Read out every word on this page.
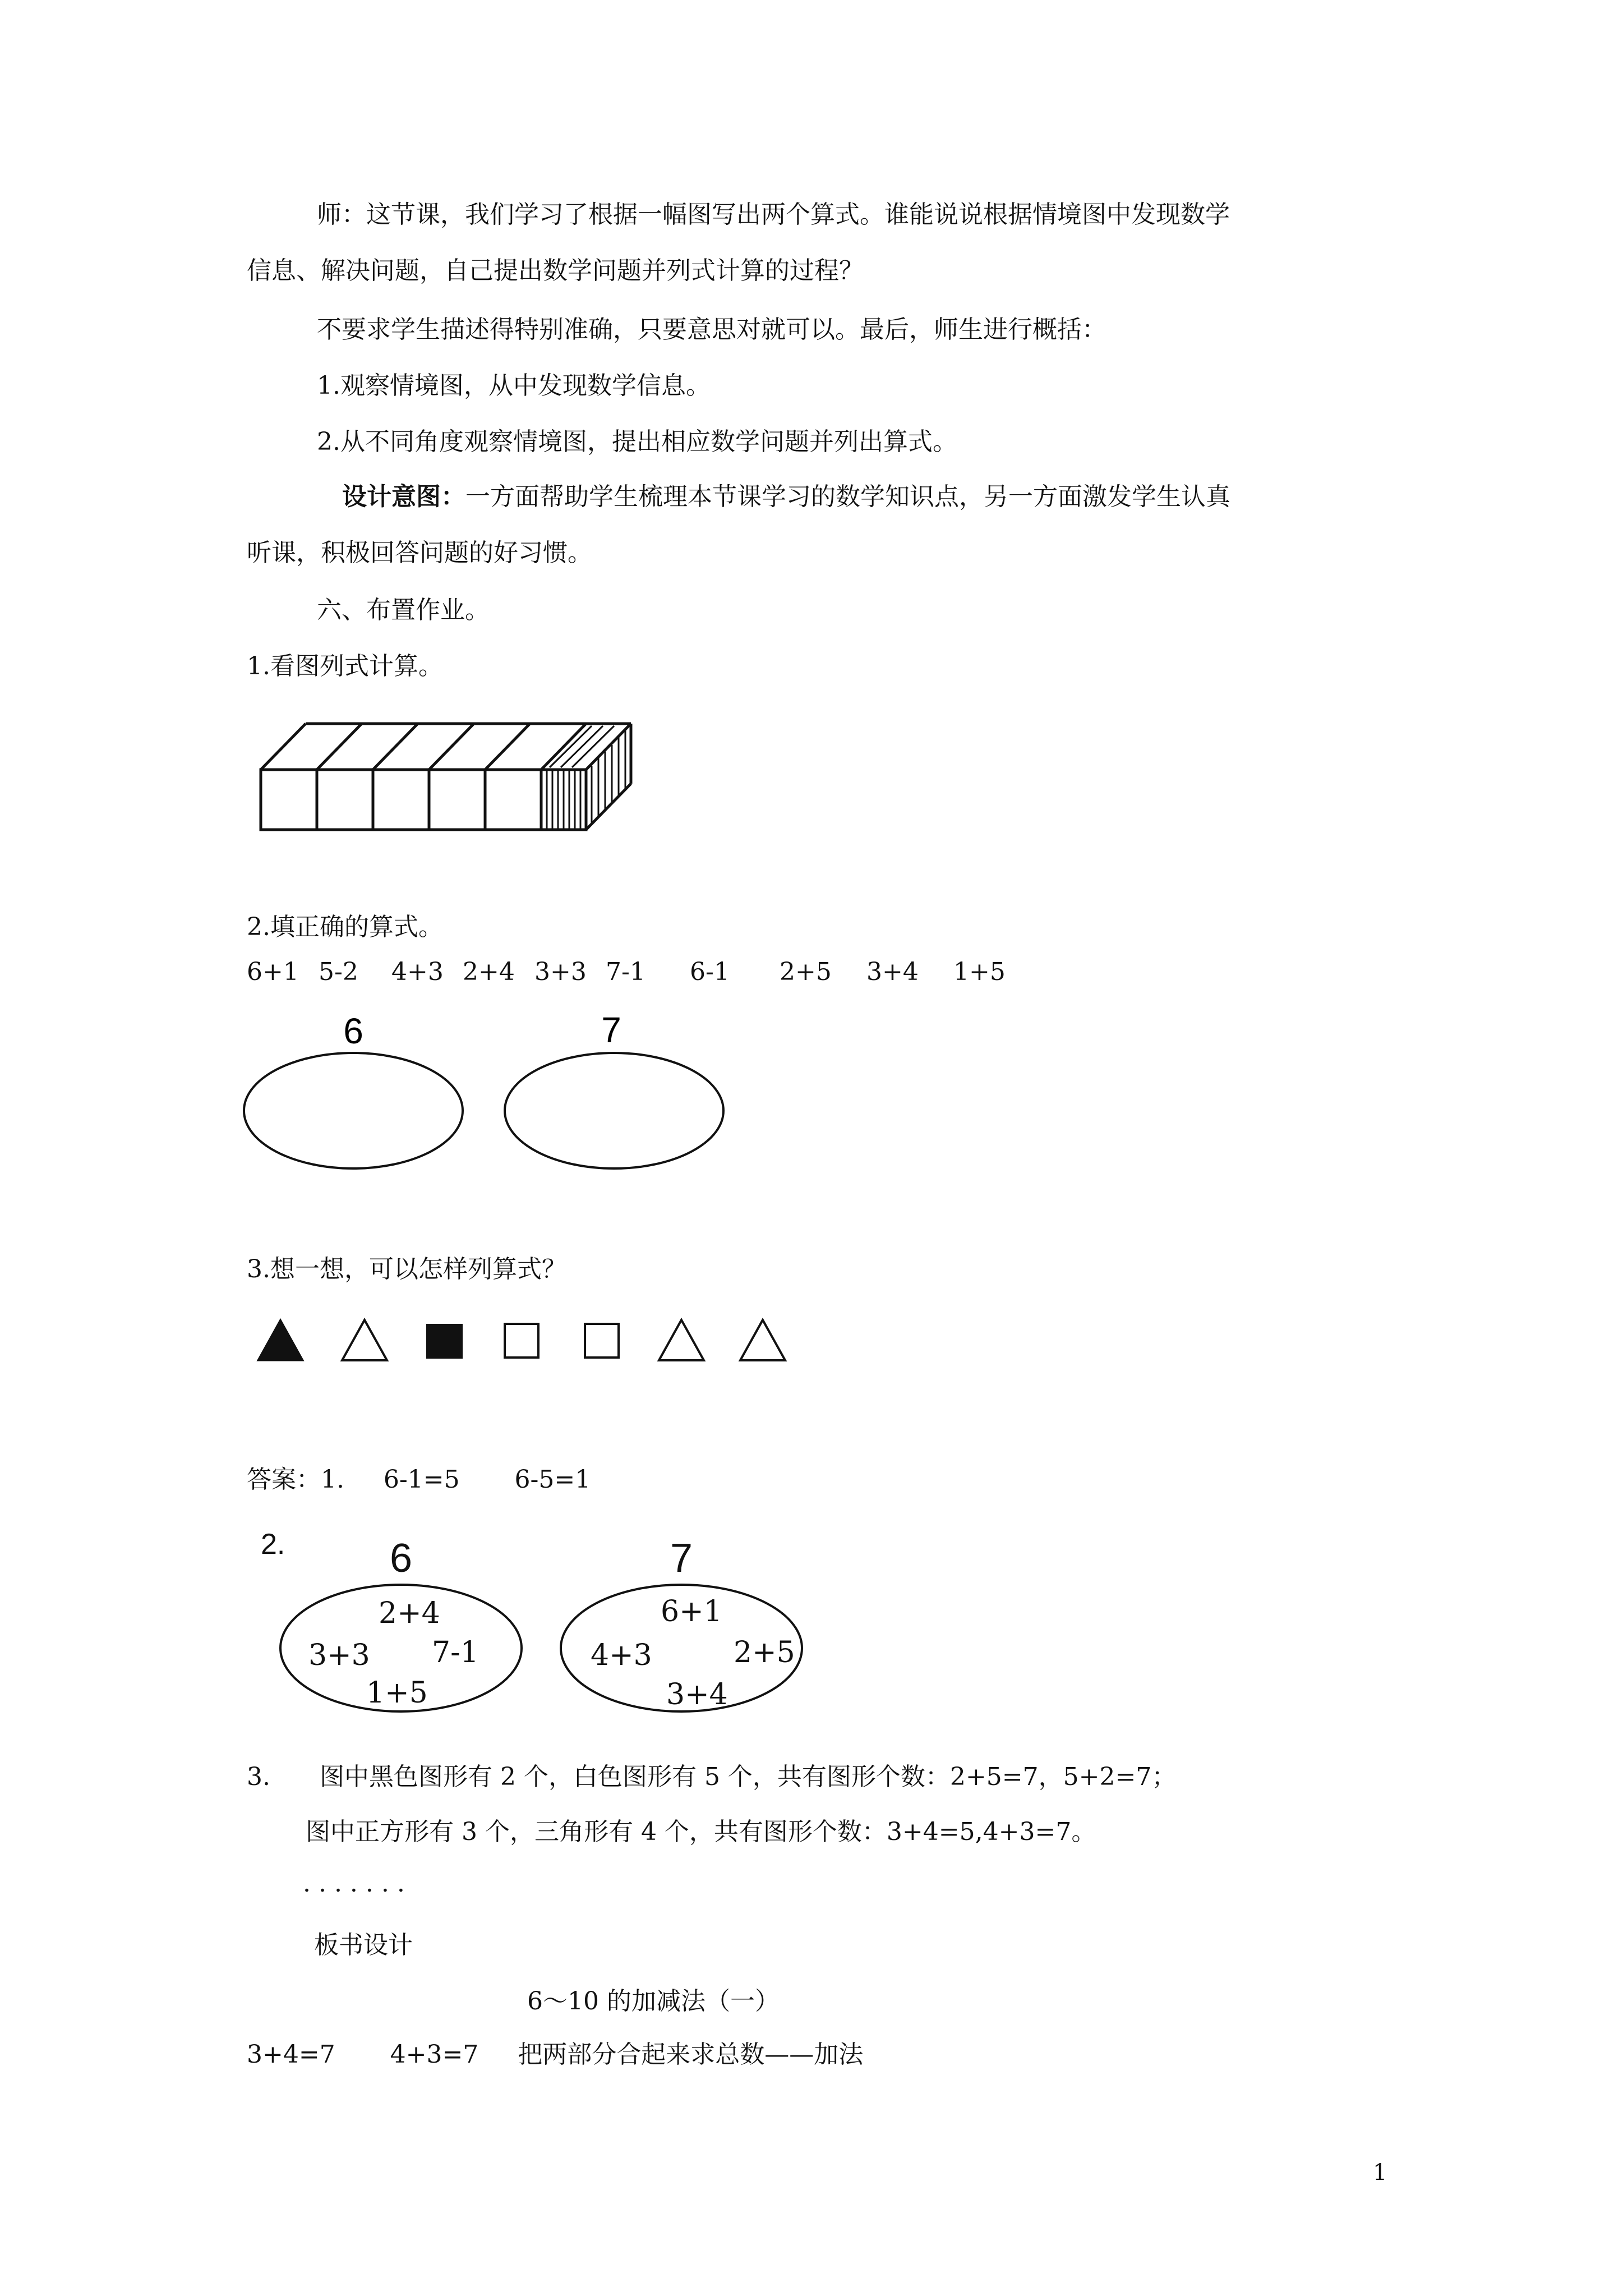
师：这节课，我们学习了根据一幅图写出两个算式。谁能说说根据情境图中发现数学
信息、解决问题，自己提出数学问题并列式计算的过程？
不要求学生描述得特别准确，只要意思对就可以。最后，师生进行概括：
1.观察情境图，从中发现数学信息。
2.从不同角度观察情境图，提出相应数学问题并列出算式。
设计意图：一方面帮助学生梳理本节课学习的数学知识点，另一方面激发学生认真
听课，积极回答问题的好习惯。
六、布置作业。
1.看图列式计算。
2.填正确的算式。
6+1 5-2 4+3 2+4 3+3 7-1 6-1 2+5 3+4 1+5
6	7
3.想一想，可以怎样列算式？
答案：1.     6-1=5       6-5=1
2.	6	7
2+4
3+3 7-1
1+5
6+1
4+3	2+5
3+4
3. 图中黑色图形有 2 个，白色图形有 5 个，共有图形个数：2+5=7，5+2=7；
图中正方形有 3 个，三角形有 4 个，共有图形个数：3+4=5,4+3=7。
. . . . . . .
板书设计
6～10 的加减法（一）
3+4=7       4+3=7     把两部分合起来求总数——加法
1
